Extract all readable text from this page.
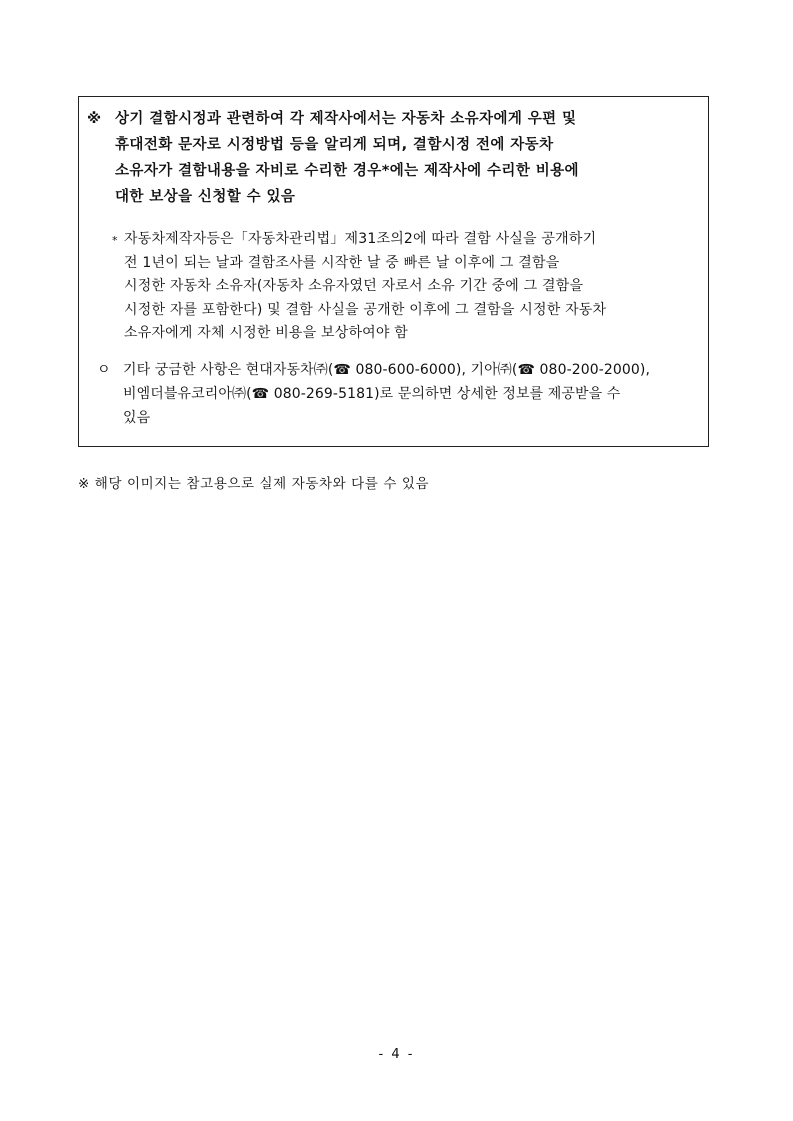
※ 상기 결함시정과 관련하여 각 제작사에서는 자동차 소유자에게 우편 및
휴대전화 문자로 시정방법 등을 알리게 되며, 결함시정 전에 자동차
소유자가 결함내용을 자비로 수리한 경우*에는 제작사에 수리한 비용에
대한 보상을 신청할 수 있음
* 자동차제작자등은「자동차관리법」제31조의2에 따라 결함 사실을 공개하기
전 1년이 되는 날과 결함조사를 시작한 날 중 빠른 날 이후에 그 결함을
시정한 자동차 소유자(자동차 소유자였던 자로서 소유 기간 중에 그 결함을
시정한 자를 포함한다) 및 결함 사실을 공개한 이후에 그 결함을 시정한 자동차
소유자에게 자체 시정한 비용을 보상하여야 함
ㅇ 기타 궁금한 사항은 현대자동차㈜(☎ 080-600-6000), 기아㈜(☎ 080-200-2000),
비엠더블유코리아㈜(☎ 080-269-5181)로 문의하면 상세한 정보를 제공받을 수
있음
※ 해당 이미지는 참고용으로 실제 자동차와 다를 수 있음
- 4 -
